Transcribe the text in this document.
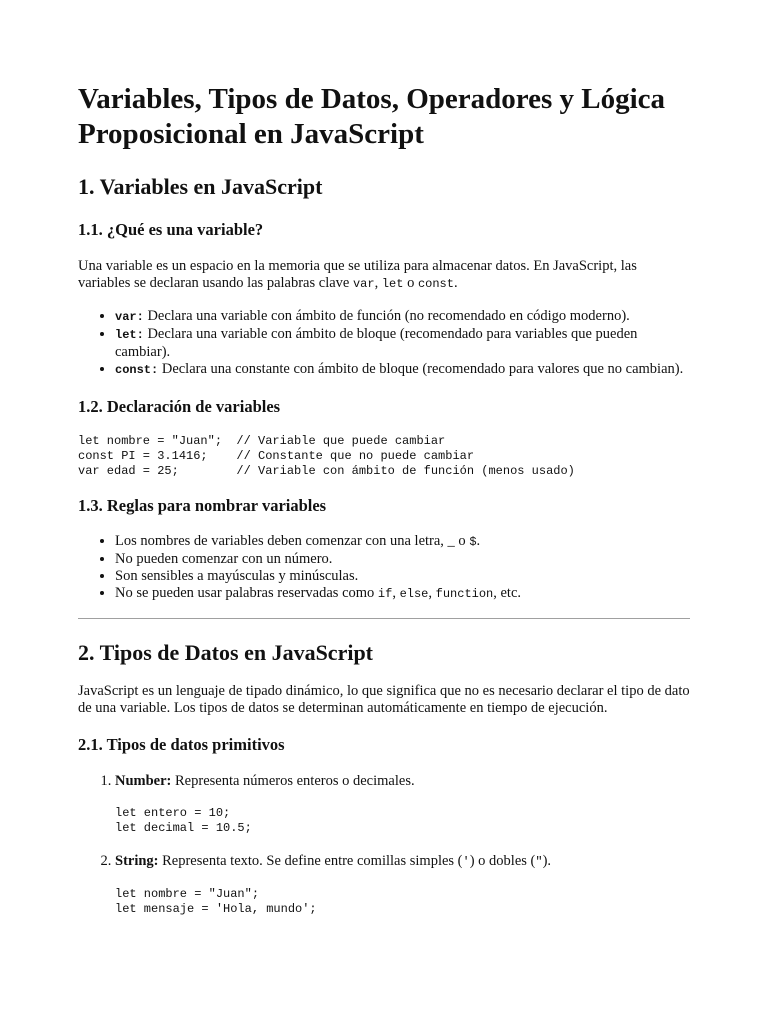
Variables, Tipos de Datos, Operadores y Lógica Proposicional en JavaScript
1. Variables en JavaScript
1.1. ¿Qué es una variable?

Una variable es un espacio en la memoria que se utiliza para almacenar datos. En JavaScript, las variables se declaran usando las palabras clave var, let o const.

• var: Declara una variable con ámbito de función (no recomendado en código moderno).
• let: Declara una variable con ámbito de bloque (recomendado para variables que pueden cambiar).
• const: Declara una constante con ámbito de bloque (recomendado para valores que no cambian).
1.2. Declaración de variables
let nombre = "Juan";  // Variable que puede cambiar
const PI = 3.1416;    // Constante que no puede cambiar
var edad = 25;        // Variable con ámbito de función (menos usado)
1.3. Reglas para nombrar variables
• Los nombres de variables deben comenzar con una letra, _ o $.
• No pueden comenzar con un número.
• Son sensibles a mayúsculas y minúsculas.
• No se pueden usar palabras reservadas como if, else, function, etc.
2. Tipos de Datos en JavaScript

JavaScript es un lenguaje de tipado dinámico, lo que significa que no es necesario declarar el tipo de dato de una variable. Los tipos de datos se determinan automáticamente en tiempo de ejecución.

2.1. Tipos de datos primitivos
1. Number: Representa números enteros o decimales.
let entero = 10;
let decimal = 10.5;
2. String: Representa texto. Se define entre comillas simples (') o dobles (").
let nombre = "Juan";
let mensaje = 'Hola, mundo';
